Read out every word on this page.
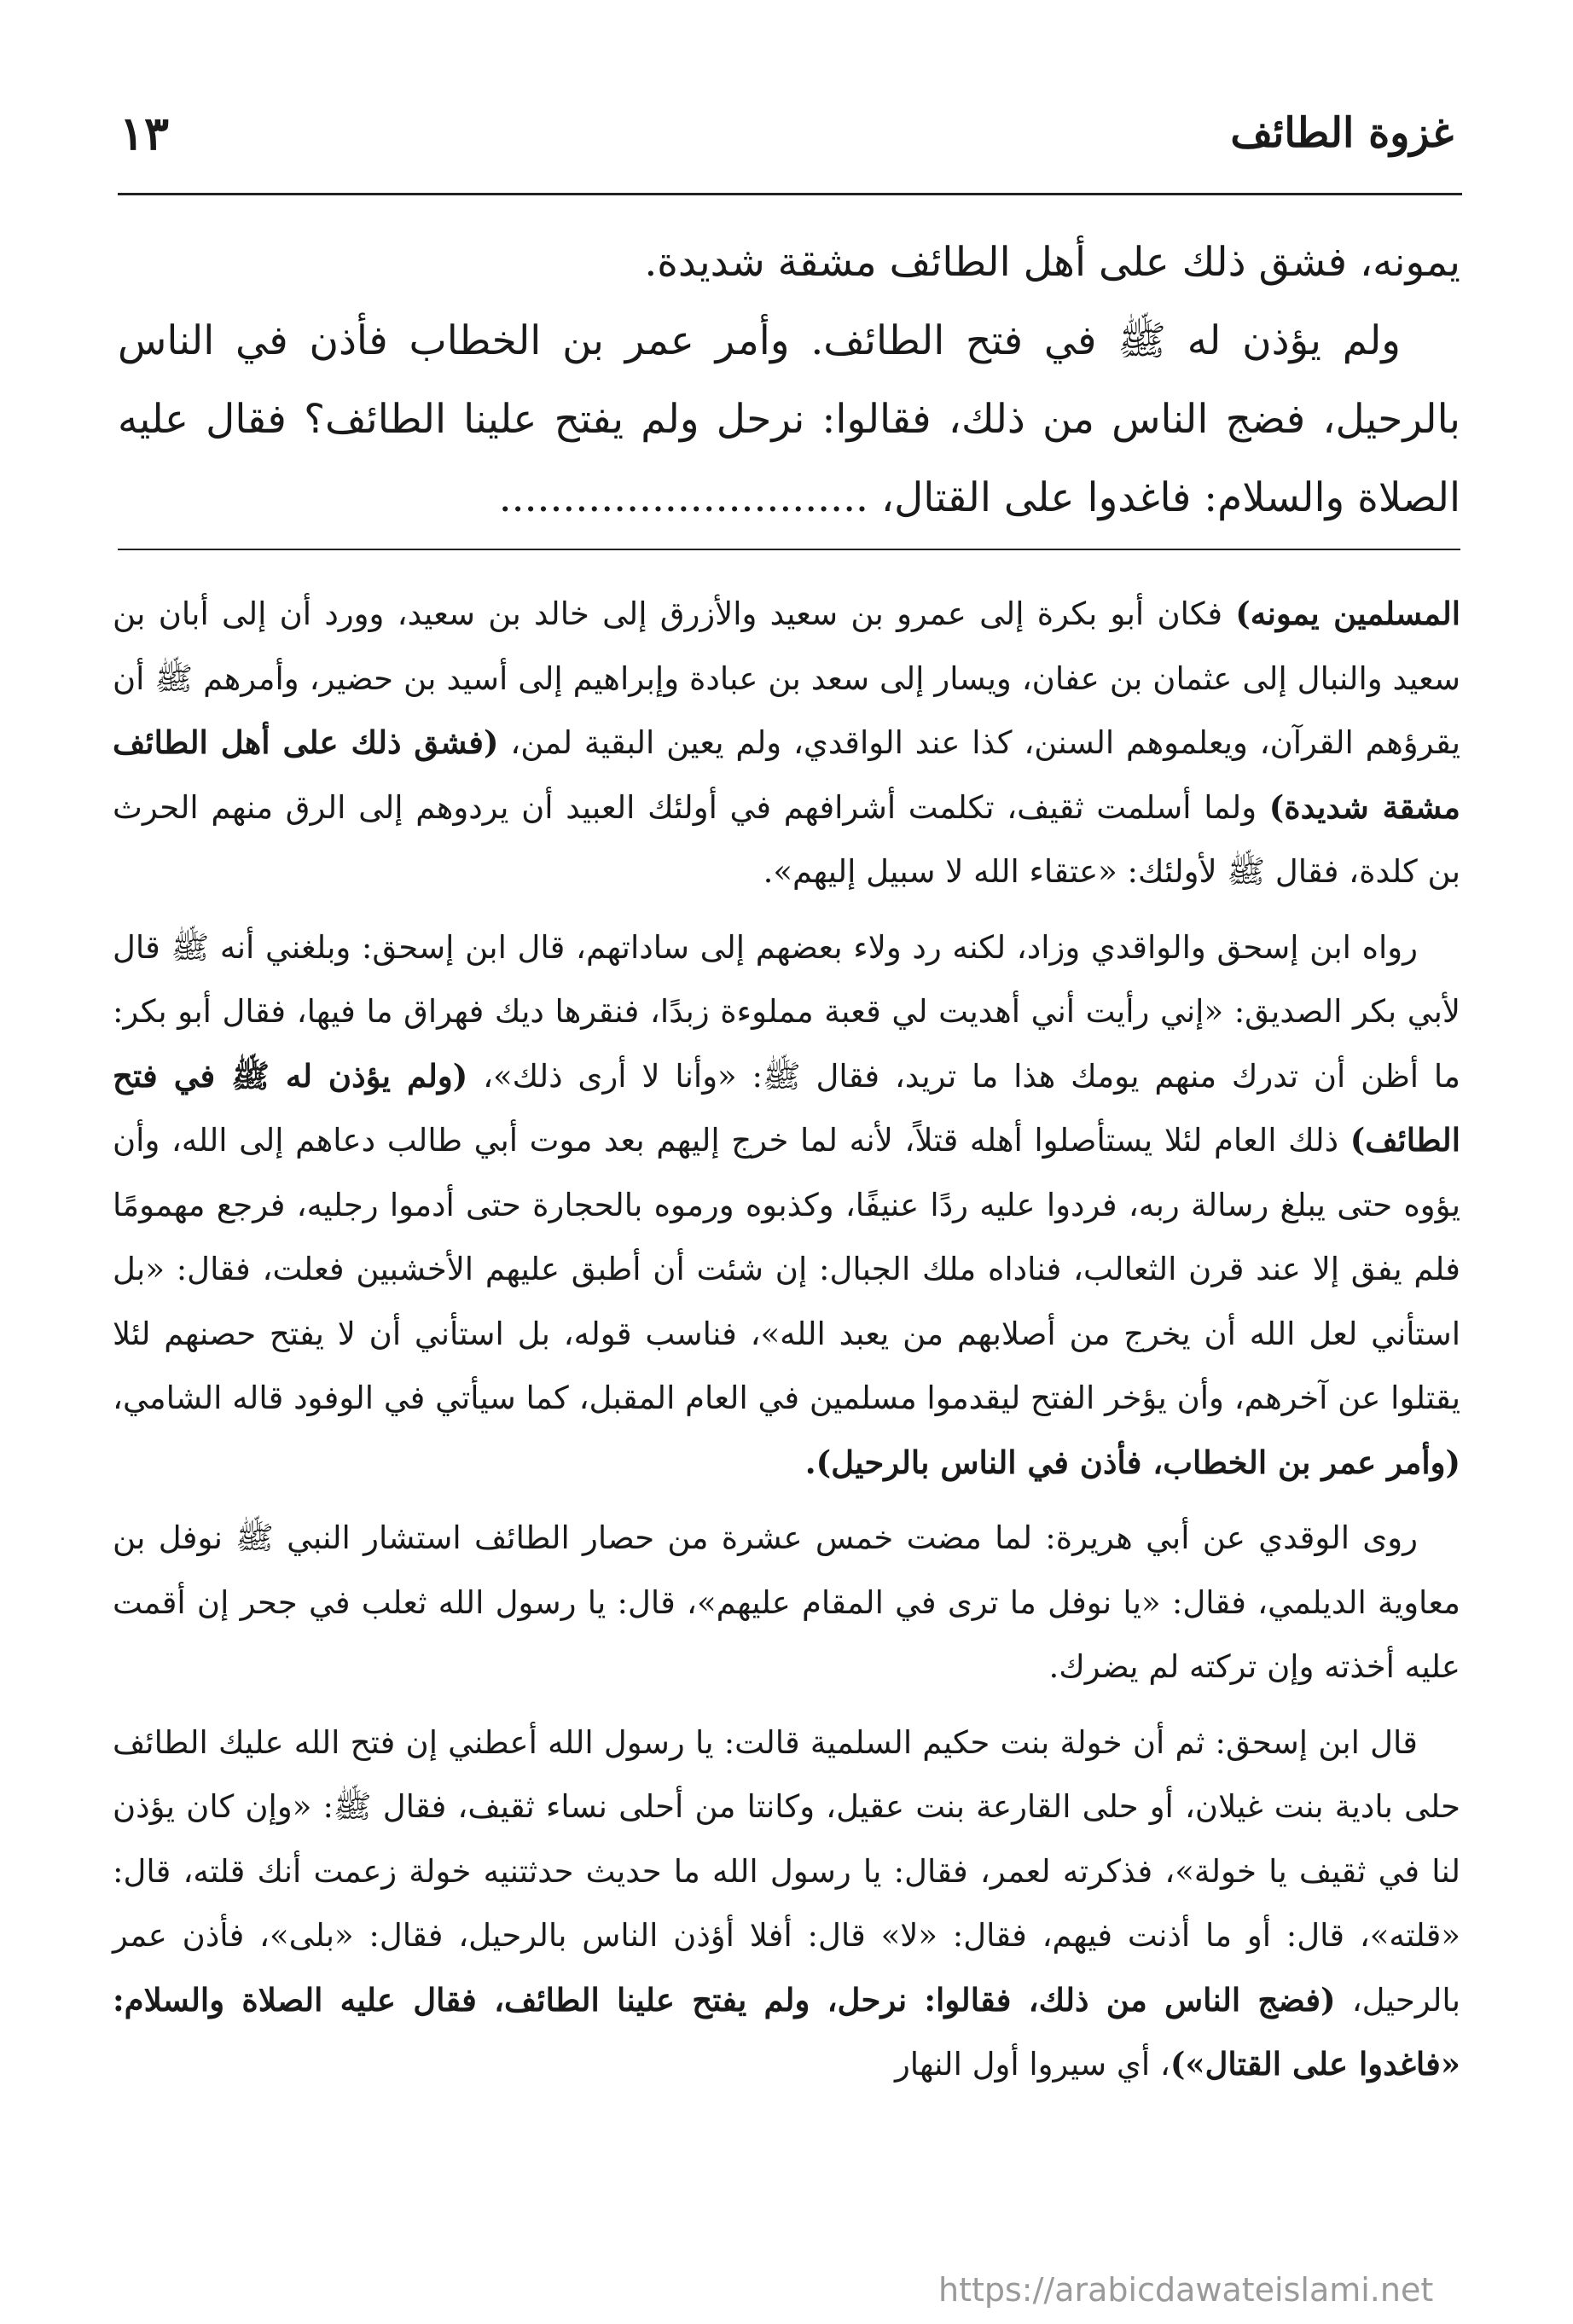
غزوة الطائف
١٣

يمونه، فشق ذلك على أهل الطائف مشقة شديدة.

ولم يؤذن له ﷺ في فتح الطائف. وأمر عمر بن الخطاب فأذن في الناس بالرحيل، فضج الناس من ذلك، فقالوا: نرحل ولم يفتح علينا الطائف؟ فقال عليه الصلاة والسلام: فاغدوا على القتال، .............................

المسلمين يمونه) فكان أبو بكرة إلى عمرو بن سعيد والأزرق إلى خالد بن سعيد، وورد أن إلى أبان بن سعيد والنبال إلى عثمان بن عفان، ويسار إلى سعد بن عبادة وإبراهيم إلى أسيد بن حضير، وأمرهم ﷺ أن يقرؤهم القرآن، ويعلموهم السنن، كذا عند الواقدي، ولم يعين البقية لمن، (فشق ذلك على أهل الطائف مشقة شديدة) ولما أسلمت ثقيف، تكلمت أشرافهم في أولئك العبيد أن يردوهم إلى الرق منهم الحرث بن كلدة، فقال ﷺ لأولئك: «عتقاء الله لا سبيل إليهم».

رواه ابن إسحق والواقدي وزاد، لكنه رد ولاء بعضهم إلى ساداتهم، قال ابن إسحق: وبلغني أنه ﷺ قال لأبي بكر الصديق: «إني رأيت أني أهديت لي قعبة مملوءة زبدًا، فنقرها ديك فهراق ما فيها، فقال أبو بكر: ما أظن أن تدرك منهم يومك هذا ما تريد، فقال ﷺ: «وأنا لا أرى ذلك»، (ولم يؤذن له ﷺ في فتح الطائف) ذلك العام لئلا يستأصلوا أهله قتلاً، لأنه لما خرج إليهم بعد موت أبي طالب دعاهم إلى الله، وأن يؤوه حتى يبلغ رسالة ربه، فردوا عليه ردًا عنيفًا، وكذبوه ورموه بالحجارة حتى أدموا رجليه، فرجع مهمومًا فلم يفق إلا عند قرن الثعالب، فناداه ملك الجبال: إن شئت أن أطبق عليهم الأخشبين فعلت، فقال: «بل استأني لعل الله أن يخرج من أصلابهم من يعبد الله»، فناسب قوله، بل استأني أن لا يفتح حصنهم لئلا يقتلوا عن آخرهم، وأن يؤخر الفتح ليقدموا مسلمين في العام المقبل، كما سيأتي في الوفود قاله الشامي، (وأمر عمر بن الخطاب، فأذن في الناس بالرحيل).

روى الوقدي عن أبي هريرة: لما مضت خمس عشرة من حصار الطائف استشار النبي ﷺ نوفل بن معاوية الديلمي، فقال: «يا نوفل ما ترى في المقام عليهم»، قال: يا رسول الله ثعلب في جحر إن أقمت عليه أخذته وإن تركته لم يضرك.

قال ابن إسحق: ثم أن خولة بنت حكيم السلمية قالت: يا رسول الله أعطني إن فتح الله عليك الطائف حلى بادية بنت غيلان، أو حلى القارعة بنت عقيل، وكانتا من أحلى نساء ثقيف، فقال ﷺ: «وإن كان يؤذن لنا في ثقيف يا خولة»، فذكرته لعمر، فقال: يا رسول الله ما حديث حدثتنيه خولة زعمت أنك قلته، قال: «قلته»، قال: أو ما أذنت فيهم، فقال: «لا» قال: أفلا أؤذن الناس بالرحيل، فقال: «بلى»، فأذن عمر بالرحيل، (فضج الناس من ذلك، فقالوا: نرحل، ولم يفتح علينا الطائف، فقال عليه الصلاة والسلام: «فاغدوا على القتال»)، أي سيروا أول النهار

https://arabicdawateislami.net
